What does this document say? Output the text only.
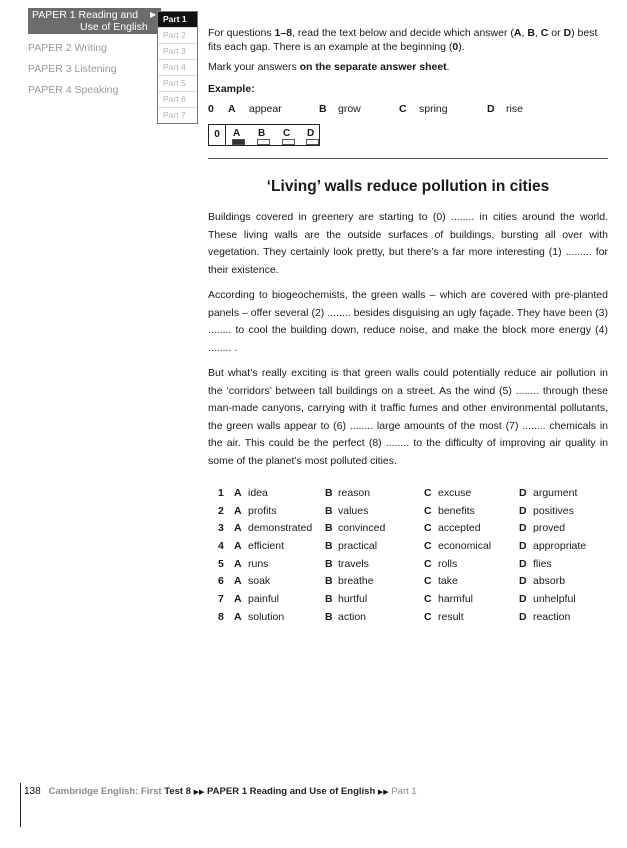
PAPER 1 Reading and
Use of English
▶
PAPER 2 Writing
PAPER 3 Listening
PAPER 4 Speaking
Part 1
Part 2
Part 3
Part 4
Part 5
Part 6
Part 7
For questions 1–8, read the text below and decide which answer (A, B, C or D) best fits each gap. There is an example at the beginning (0).
Mark your answers on the separate answer sheet.
Example:
0 A appear	B grow	C spring	D rise
0	A B C D
‘Living’ walls reduce pollution in cities

Buildings covered in greenery are starting to (0) ........ in cities around the world. These living walls are the outside surfaces of buildings, bursting all over with vegetation. They certainly look pretty, but there’s a far more interesting (1) ......... for their existence.

According to biogeochemists, the green walls – which are covered with pre-planted panels – offer several (2) ........ besides disguising an ugly façade. They have been (3) ........ to cool the building down, reduce noise, and make the block more energy (4) ........ .

But what’s really exciting is that green walls could potentially reduce air pollution in the ‘corridors’ between tall buildings on a street. As the wind (5) ........ through these man-made canyons, carrying with it traffic fumes and other environmental pollutants, the green walls appear to (6) ........ large amounts of the most (7) ........ chemicals in the air. This could be the perfect (8) ........ to the difficulty of improving air quality in some of the planet’s most polluted cities.

1 A idea	B reason	C excuse	D argument
2 A profits	B values	C benefits	D positives
3 A demonstrated B convinced	C accepted	D proved
4 A efficient	B practical	C economical	D appropriate
5 A runs	B travels	C rolls	D flies
6 A soak	B breathe	C take	D absorb
7 A painful	B hurtful	C harmful	D unhelpful
8 A solution	B action	C result	D reaction
138 Cambridge English: First Test 8 ▶▶ PAPER 1 Reading and Use of English ▶▶ Part 1
